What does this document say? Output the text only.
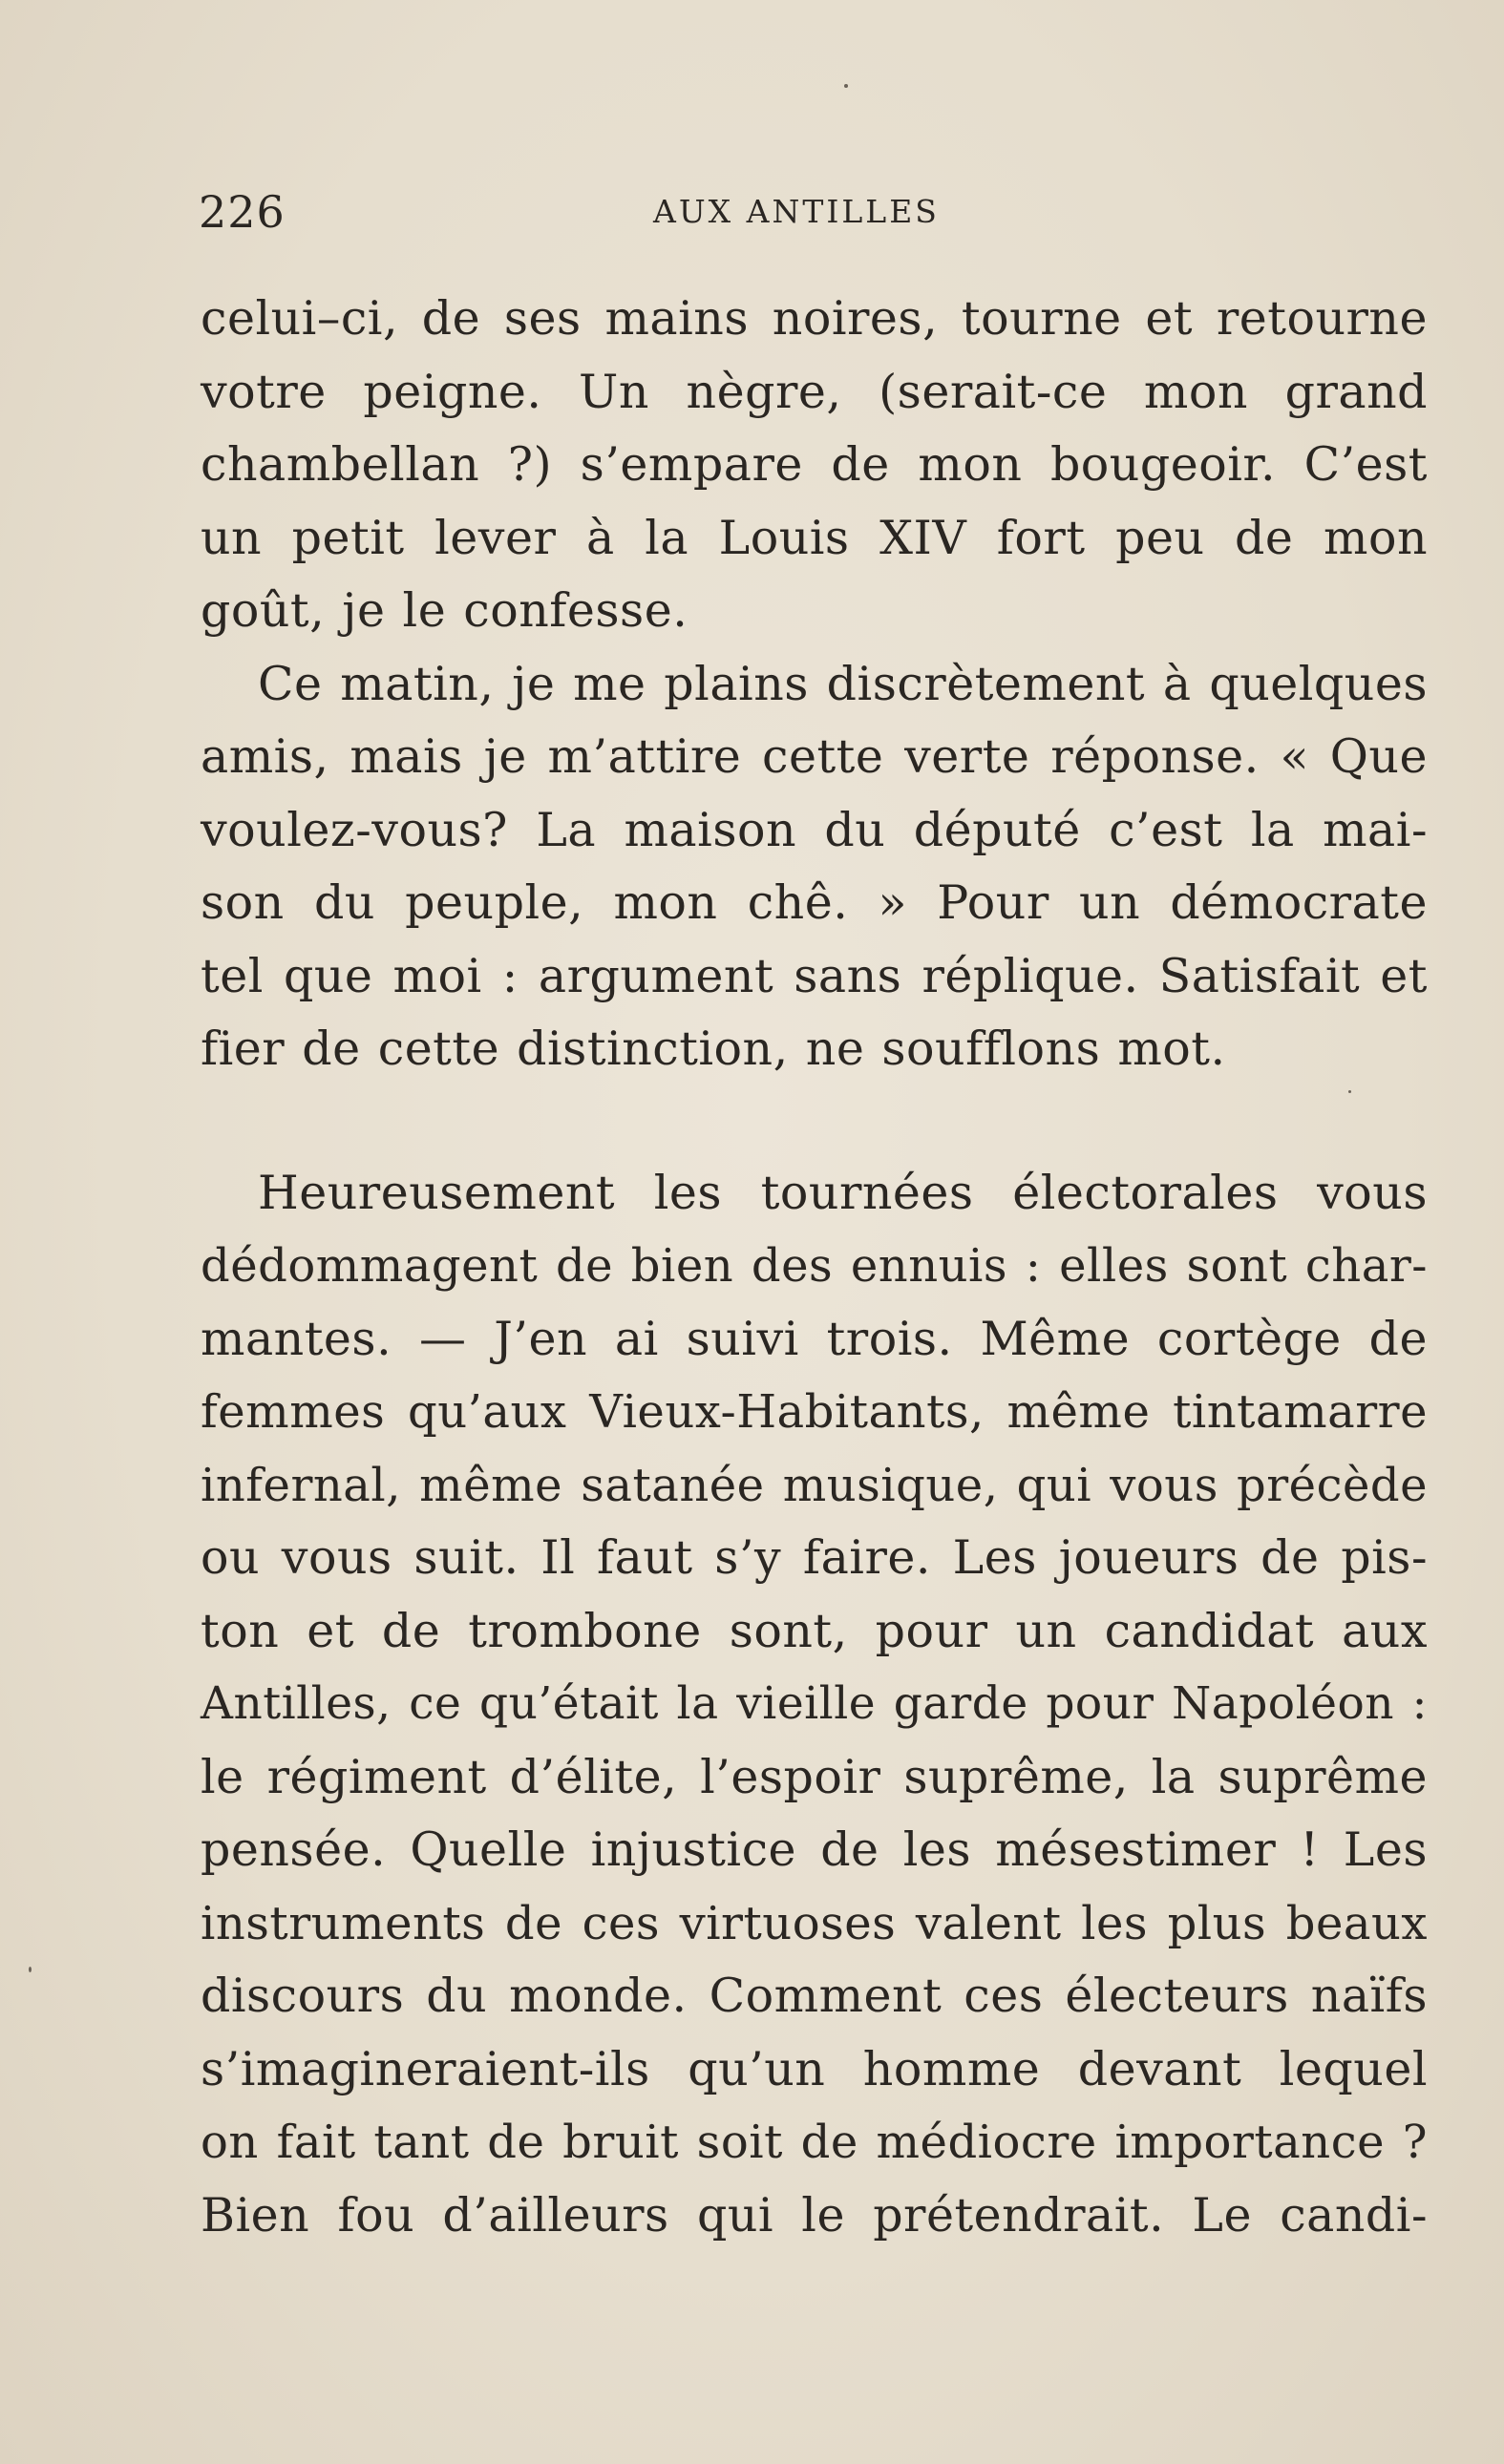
226	AUX ANTILLES
celui–ci, de ses mains noires, tourne et retourne
votre peigne. Un nègre, (serait-ce mon grand
chambellan ?) s’empare de mon bougeoir. C’est
un petit lever à la Louis XIV fort peu de mon
goût, je le confesse.
Ce matin, je me plains discrètement à quelques
amis, mais je m’attire cette verte réponse. « Que
voulez-vous? La maison du député c’est la mai-
son du peuple, mon chê. » Pour un démocrate
tel que moi : argument sans réplique. Satisfait et
fier de cette distinction, ne soufflons mot.
Heureusement les tournées électorales vous
dédommagent de bien des ennuis : elles sont char-
mantes. — J’en ai suivi trois. Même cortège de
femmes qu’aux Vieux-Habitants, même tintamarre
infernal, même satanée musique, qui vous précède
ou vous suit. Il faut s’y faire. Les joueurs de pis-
ton et de trombone sont, pour un candidat aux
Antilles, ce qu’était la vieille garde pour Napoléon :
le régiment d’élite, l’espoir suprême, la suprême
pensée. Quelle injustice de les mésestimer ! Les
instruments de ces virtuoses valent les plus beaux
discours du monde. Comment ces électeurs naïfs
s’imagineraient-ils qu’un homme devant lequel
on fait tant de bruit soit de médiocre importance ?
Bien fou d’ailleurs qui le prétendrait. Le candi-
